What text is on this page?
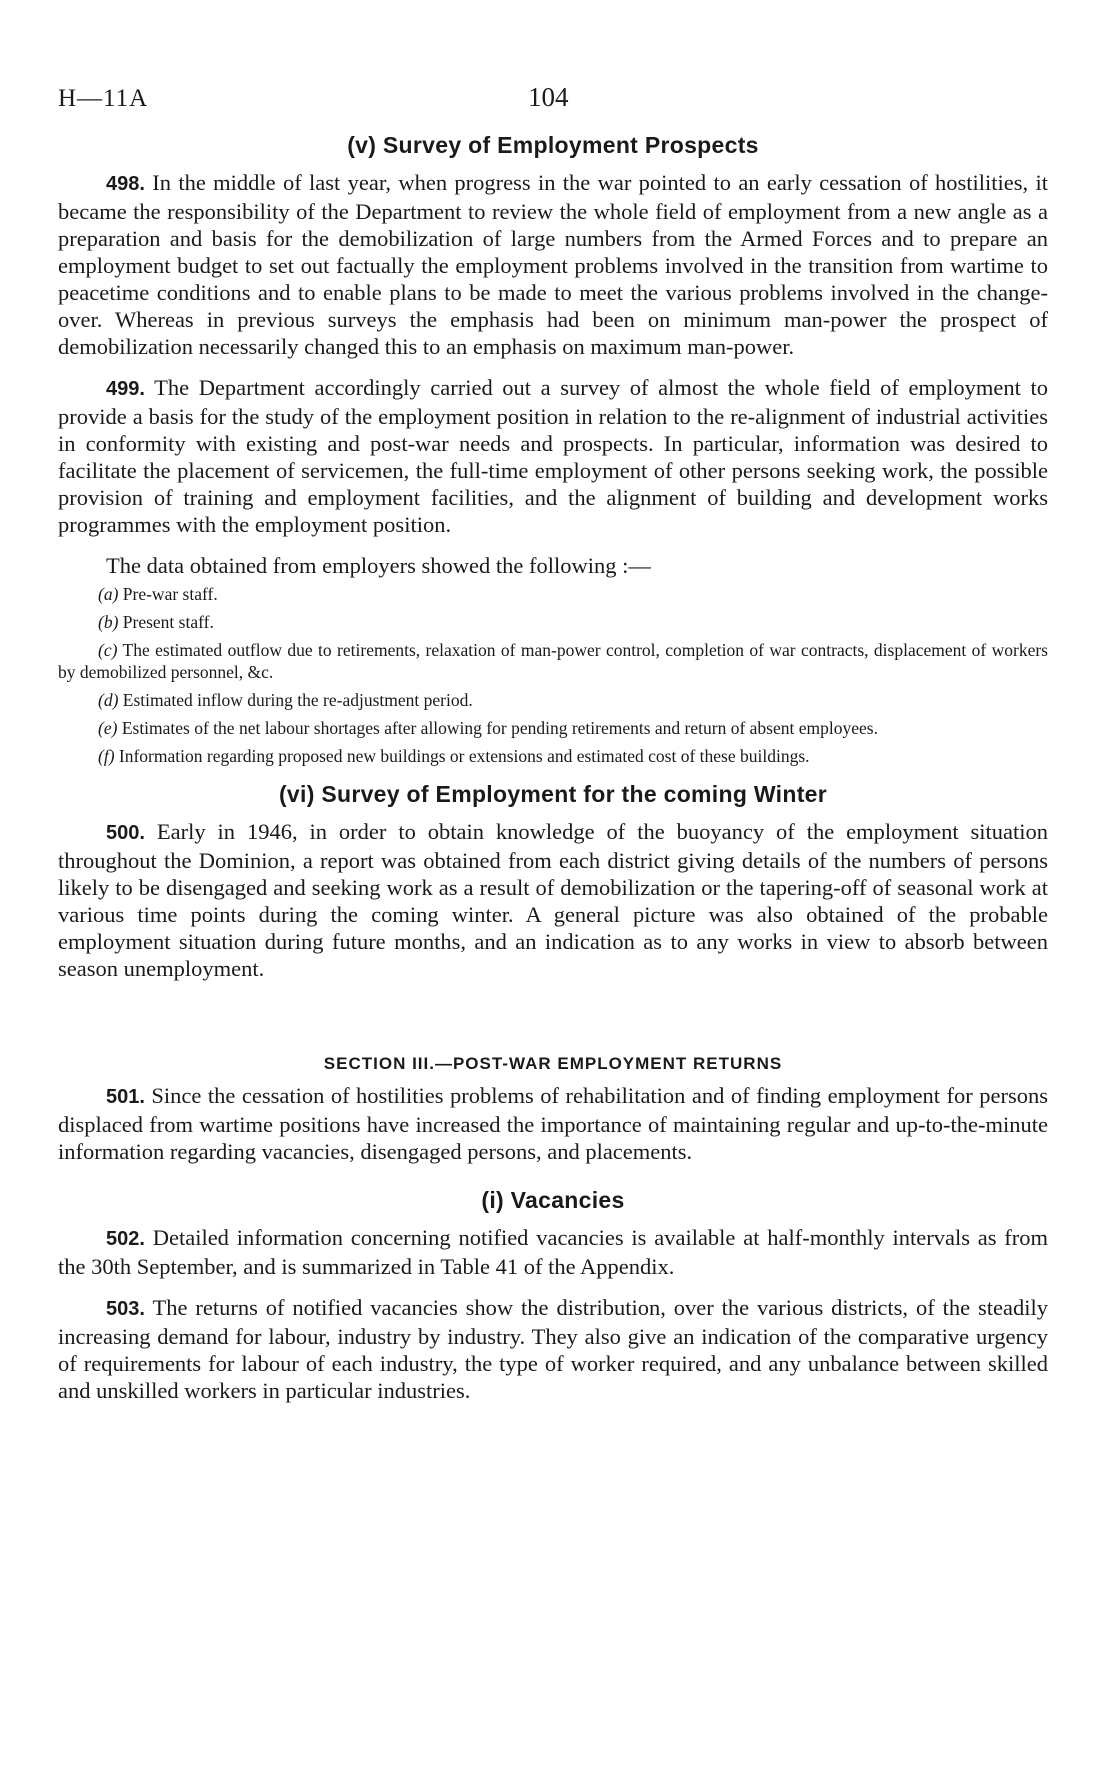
H—11A	104
(v) Survey of Employment Prospects

498. In the middle of last year, when progress in the war pointed to an early cessation of hostilities, it became the responsibility of the Department to review the whole field of employment from a new angle as a preparation and basis for the demobilization of large numbers from the Armed Forces and to prepare an employment budget to set out factually the employment problems involved in the transition from wartime to peacetime conditions and to enable plans to be made to meet the various problems involved in the change-over. Whereas in previous surveys the emphasis had been on minimum man-power the prospect of demobilization necessarily changed this to an emphasis on maximum man-power.

499. The Department accordingly carried out a survey of almost the whole field of employment to provide a basis for the study of the employment position in relation to the re-alignment of industrial activities in conformity with existing and post-war needs and prospects. In particular, information was desired to facilitate the placement of servicemen, the full-time employment of other persons seeking work, the possible provision of training and employment facilities, and the alignment of building and development works programmes with the employment position.

The data obtained from employers showed the following :—

(a) Pre-war staff.

(b) Present staff.

(c) The estimated outflow due to retirements, relaxation of man-power control, completion of war contracts, displacement of workers by demobilized personnel, &c.

(d) Estimated inflow during the re-adjustment period.

(e) Estimates of the net labour shortages after allowing for pending retirements and return of absent employees.

(f) Information regarding proposed new buildings or extensions and estimated cost of these buildings.

(vi) Survey of Employment for the coming Winter

500. Early in 1946, in order to obtain knowledge of the buoyancy of the employment situation throughout the Dominion, a report was obtained from each district giving details of the numbers of persons likely to be disengaged and seeking work as a result of demobilization or the tapering-off of seasonal work at various time points during the coming winter. A general picture was also obtained of the probable employment situation during future months, and an indication as to any works in view to absorb between season unemployment.

SECTION III.—POST-WAR EMPLOYMENT RETURNS

501. Since the cessation of hostilities problems of rehabilitation and of finding employment for persons displaced from wartime positions have increased the importance of maintaining regular and up-to-the-minute information regarding vacancies, disengaged persons, and placements.

(i) Vacancies

502. Detailed information concerning notified vacancies is available at half-monthly intervals as from the 30th September, and is summarized in Table 41 of the Appendix.

503. The returns of notified vacancies show the distribution, over the various districts, of the steadily increasing demand for labour, industry by industry. They also give an indication of the comparative urgency of requirements for labour of each industry, the type of worker required, and any unbalance between skilled and unskilled workers in particular industries.
